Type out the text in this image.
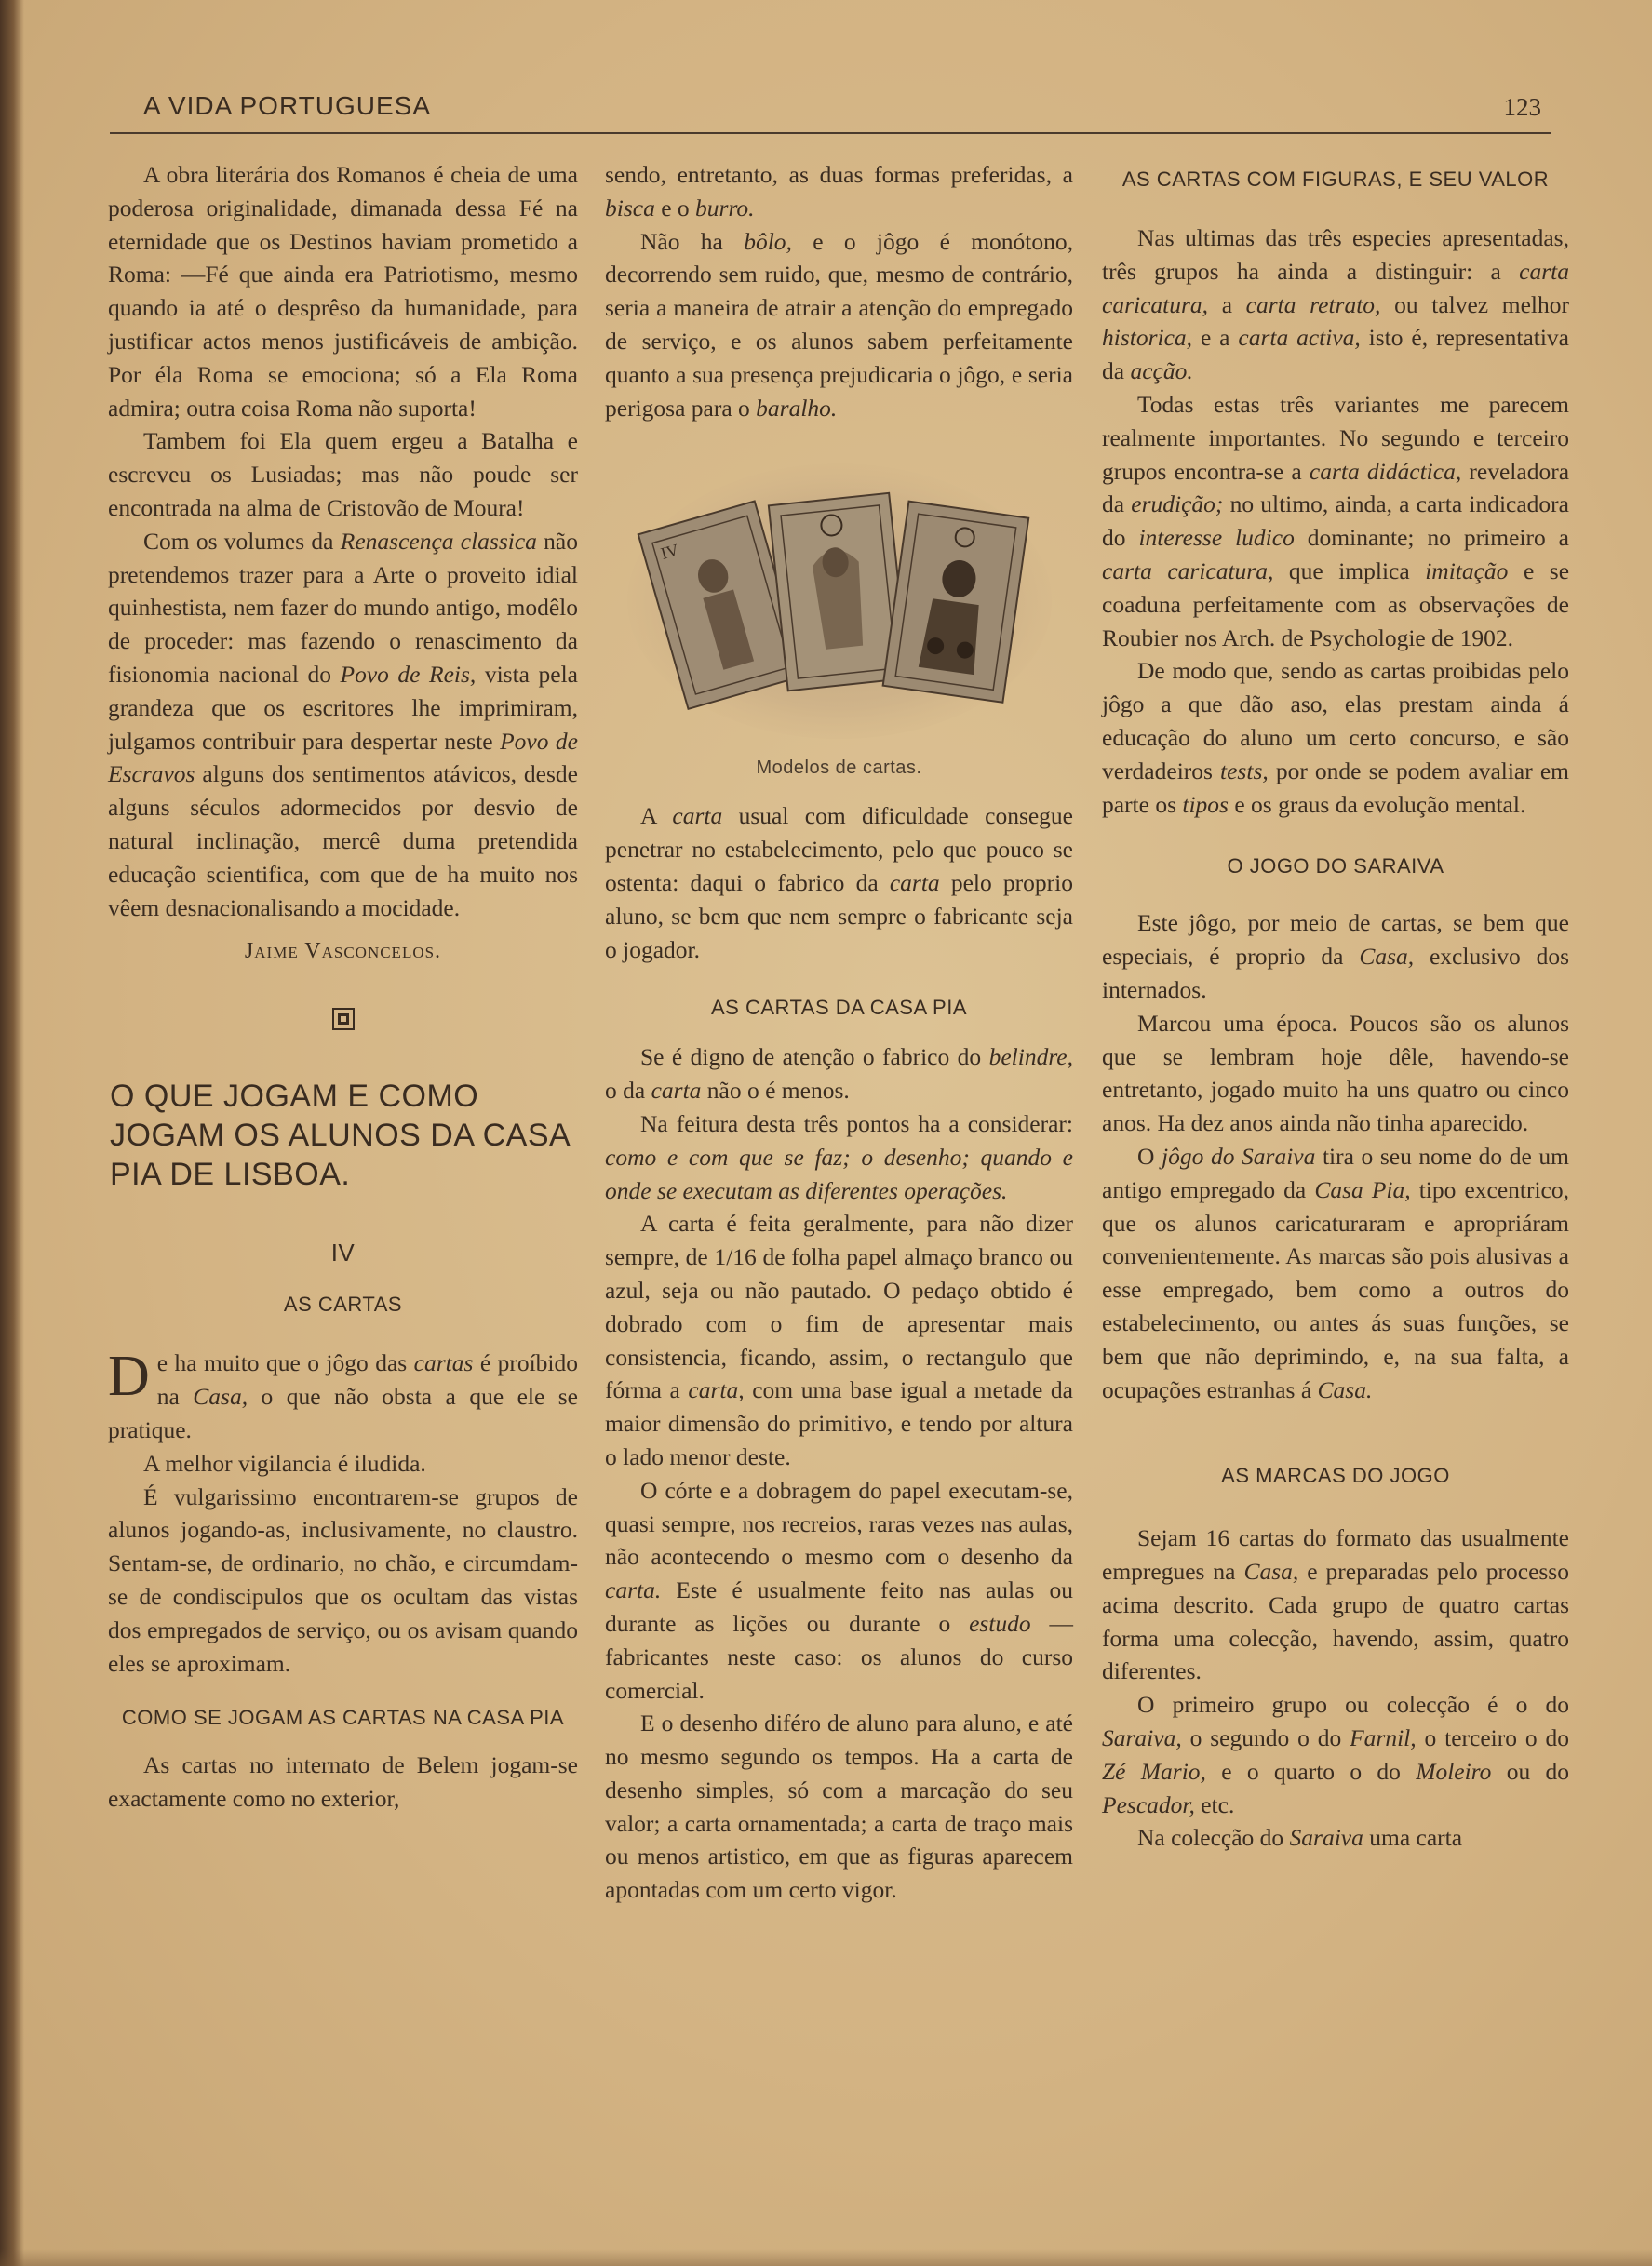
A VIDA PORTUGUESA	123

A obra literária dos Romanos é cheia de uma poderosa originalidade, dimanada dessa Fé na eternidade que os Destinos haviam prometido a Roma: —Fé que ainda era Patriotismo, mesmo quando ia até o desprêso da humanidade, para justificar actos menos justificáveis de ambição. Por éla Roma se emociona; só a Ela Roma admira; outra coisa Roma não suporta!

Tambem foi Ela quem ergeu a Batalha e escreveu os Lusiadas; mas não poude ser encontrada na alma de Cristovão de Moura!

Com os volumes da Renascença classica não pretendemos trazer para a Arte o proveito idial quinhestista, nem fazer do mundo antigo, modêlo de proceder: mas fazendo o renascimento da fisionomia nacional do Povo de Reis, vista pela grandeza que os escritores lhe imprimiram, julgamos contribuir para despertar neste Povo de Escravos alguns dos sentimentos atávicos, desde alguns séculos adormecidos por desvio de natural inclinação, mercê duma pretendida educação scientifica, com que de ha muito nos vêem desnacionalisando a mocidade.

Jaime Vasconcelos.
O QUE JOGAM E COMO JOGAM OS ALUNOS DA CASA PIA DE LISBOA.
IV
AS CARTAS

De ha muito que o jôgo das cartas é proíbido na Casa, o que não obsta a que ele se pratique.

A melhor vigilancia é iludida.

É vulgarissimo encontrarem-se grupos de alunos jogando-as, inclusivamente, no claustro. Sentam-se, de ordinario, no chão, e circumdam-se de condiscipulos que os ocultam das vistas dos empregados de serviço, ou os avisam quando eles se aproximam.

COMO SE JOGAM AS CARTAS NA CASA PIA

As cartas no internato de Belem jogam-se exactamente como no exterior,

sendo, entretanto, as duas formas preferidas, a bisca e o burro.

Não ha bôlo, e o jôgo é monótono, decorrendo sem ruido, que, mesmo de contrário, seria a maneira de atrair a atenção do empregado de serviço, e os alunos sabem perfeitamente quanto a sua presença prejudicaria o jôgo, e seria perigosa para o baralho.

IV
Modelos de cartas.

A carta usual com dificuldade consegue penetrar no estabelecimento, pelo que pouco se ostenta: daqui o fabrico da carta pelo proprio aluno, se bem que nem sempre o fabricante seja o jogador.

AS CARTAS DA CASA PIA

Se é digno de atenção o fabrico do belindre, o da carta não o é menos.

Na feitura desta três pontos ha a considerar: como e com que se faz; o desenho; quando e onde se executam as diferentes operações.

A carta é feita geralmente, para não dizer sempre, de 1/16 de folha papel almaço branco ou azul, seja ou não pautado. O pedaço obtido é dobrado com o fim de apresentar mais consistencia, ficando, assim, o rectangulo que fórma a carta, com uma base igual a metade da maior dimensão do primitivo, e tendo por altura o lado menor deste.

O córte e a dobragem do papel executam-se, quasi sempre, nos recreios, raras vezes nas aulas, não acontecendo o mesmo com o desenho da carta. Este é usualmente feito nas aulas ou durante as lições ou durante o estudo — fabricantes neste caso: os alunos do curso comercial.

E o desenho diféro de aluno para aluno, e até no mesmo segundo os tempos. Ha a carta de desenho simples, só com a marcação do seu valor; a carta ornamentada; a carta de traço mais ou menos artistico, em que as figuras aparecem apontadas com um certo vigor.

AS CARTAS COM FIGURAS, E SEU VALOR

Nas ultimas das três especies apresentadas, três grupos ha ainda a distinguir: a carta caricatura, a carta retrato, ou talvez melhor historica, e a carta activa, isto é, representativa da acção.

Todas estas três variantes me parecem realmente importantes. No segundo e terceiro grupos encontra-se a carta didáctica, reveladora da erudição; no ultimo, ainda, a carta indicadora do interesse ludico dominante; no primeiro a carta caricatura, que implica imitação e se coaduna perfeitamente com as observações de Roubier nos Arch. de Psychologie de 1902.

De modo que, sendo as cartas proibidas pelo jôgo a que dão aso, elas prestam ainda á educação do aluno um certo concurso, e são verdadeiros tests, por onde se podem avaliar em parte os tipos e os graus da evolução mental.

O JOGO DO SARAIVA

Este jôgo, por meio de cartas, se bem que especiais, é proprio da Casa, exclusivo dos internados.

Marcou uma época. Poucos são os alunos que se lembram hoje dêle, havendo-se entretanto, jogado muito ha uns quatro ou cinco anos. Ha dez anos ainda não tinha aparecido.

O jôgo do Saraiva tira o seu nome do de um antigo empregado da Casa Pia, tipo excentrico, que os alunos caricaturaram e apropriáram convenientemente. As marcas são pois alusivas a esse empregado, bem como a outros do estabelecimento, ou antes ás suas funções, se bem que não deprimindo, e, na sua falta, a ocupações estranhas á Casa.

AS MARCAS DO JOGO

Sejam 16 cartas do formato das usualmente empregues na Casa, e preparadas pelo processo acima descrito. Cada grupo de quatro cartas forma uma colecção, havendo, assim, quatro diferentes.

O primeiro grupo ou colecção é o do Saraiva, o segundo o do Farnil, o terceiro o do Zé Mario, e o quarto o do Moleiro ou do Pescador, etc.

Na colecção do Saraiva uma carta
